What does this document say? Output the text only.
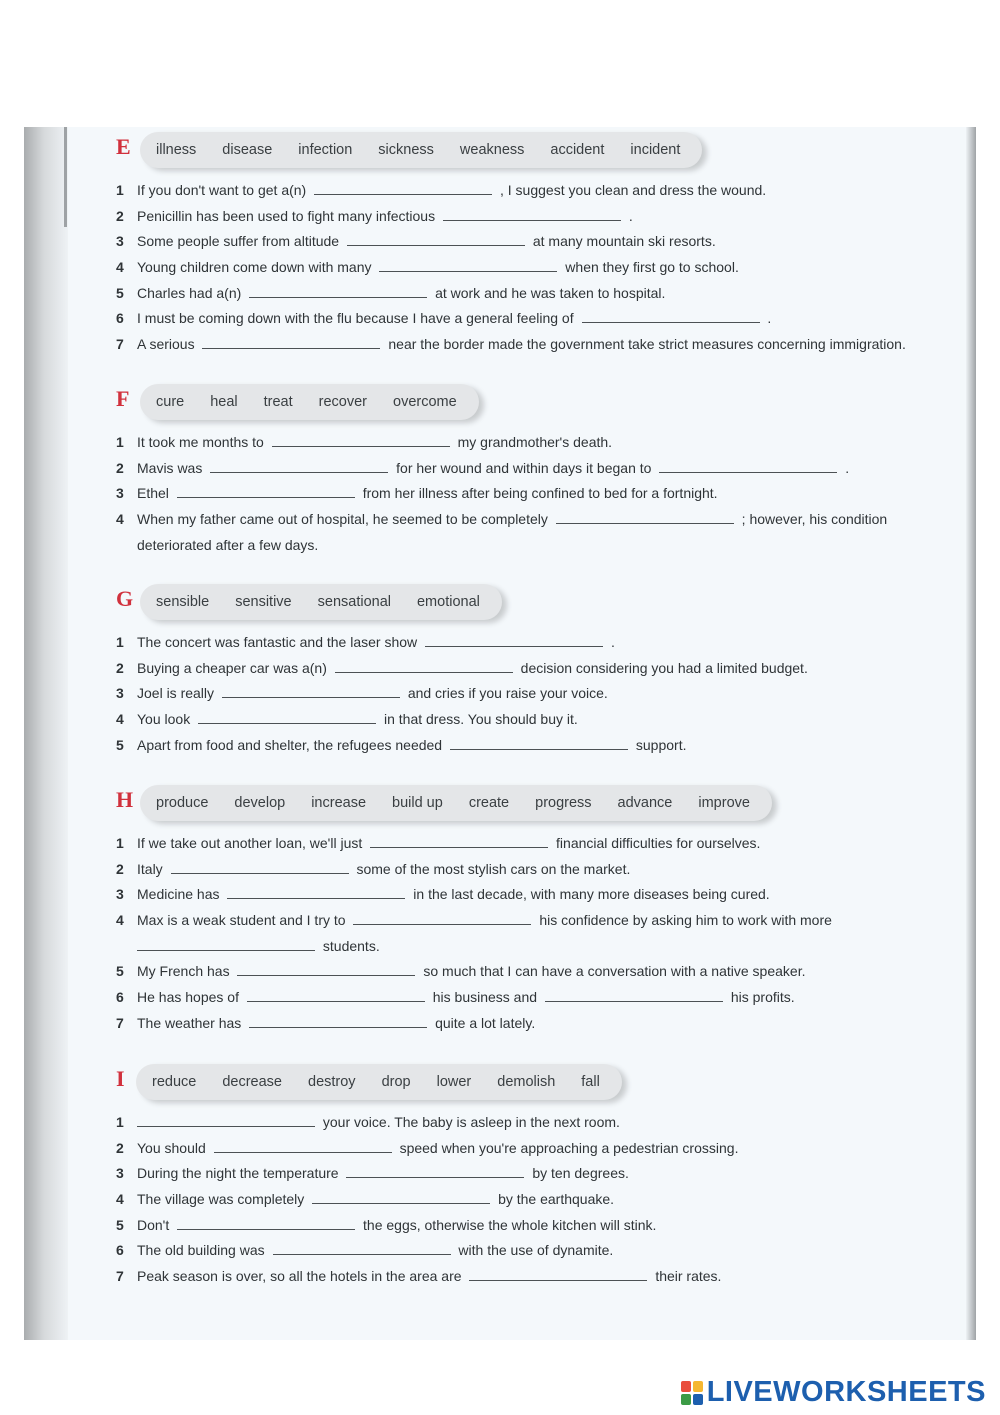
E illness disease infection sickness weakness accident incident
1 If you don't want to get a(n)	, I suggest you clean and dress the wound.
2 Penicillin has been used to fight many infectious	.
3 Some people suffer from altitude	at many mountain ski resorts.
4 Young children come down with many	when they first go to school.
5 Charles had a(n)	at work and he was taken to hospital.
6 I must be coming down with the flu because I have a general feeling of	.
7 A serious	near the border made the government take strict measures concerning immigration.
F cure heal treat recover overcome
1 It took me months to	my grandmother's death.
2 Mavis was	for her wound and within days it began to	.
3 Ethel	from her illness after being confined to bed for a fortnight.
4 When my father came out of hospital, he seemed to be completely	; however, his condition
deteriorated after a few days.
G sensible sensitive sensational emotional
1 The concert was fantastic and the laser show	.
2 Buying a cheaper car was a(n)	decision considering you had a limited budget.
3 Joel is really	and cries if you raise your voice.
4 You look	in that dress. You should buy it.
5 Apart from food and shelter, the refugees needed	support.
H produce develop increase build up create progress advance improve
1 If we take out another loan, we'll just	financial difficulties for ourselves.
2 Italy	some of the most stylish cars on the market.
3 Medicine has	in the last decade, with many more diseases being cured.
4 Max is a weak student and I try to	his confidence by asking him to work with more
students.
5 My French has	so much that I can have a conversation with a native speaker.
6 He has hopes of	his business and	his profits.
7 The weather has	quite a lot lately.
I reduce decrease destroy drop lower demolish fall
1	your voice. The baby is asleep in the next room.
2 You should	speed when you're approaching a pedestrian crossing.
3 During the night the temperature	by ten degrees.
4 The village was completely	by the earthquake.
5 Don't	the eggs, otherwise the whole kitchen will stink.
6 The old building was	with the use of dynamite.
7 Peak season is over, so all the hotels in the area are	their rates.
LIVEWORKSHEETS
